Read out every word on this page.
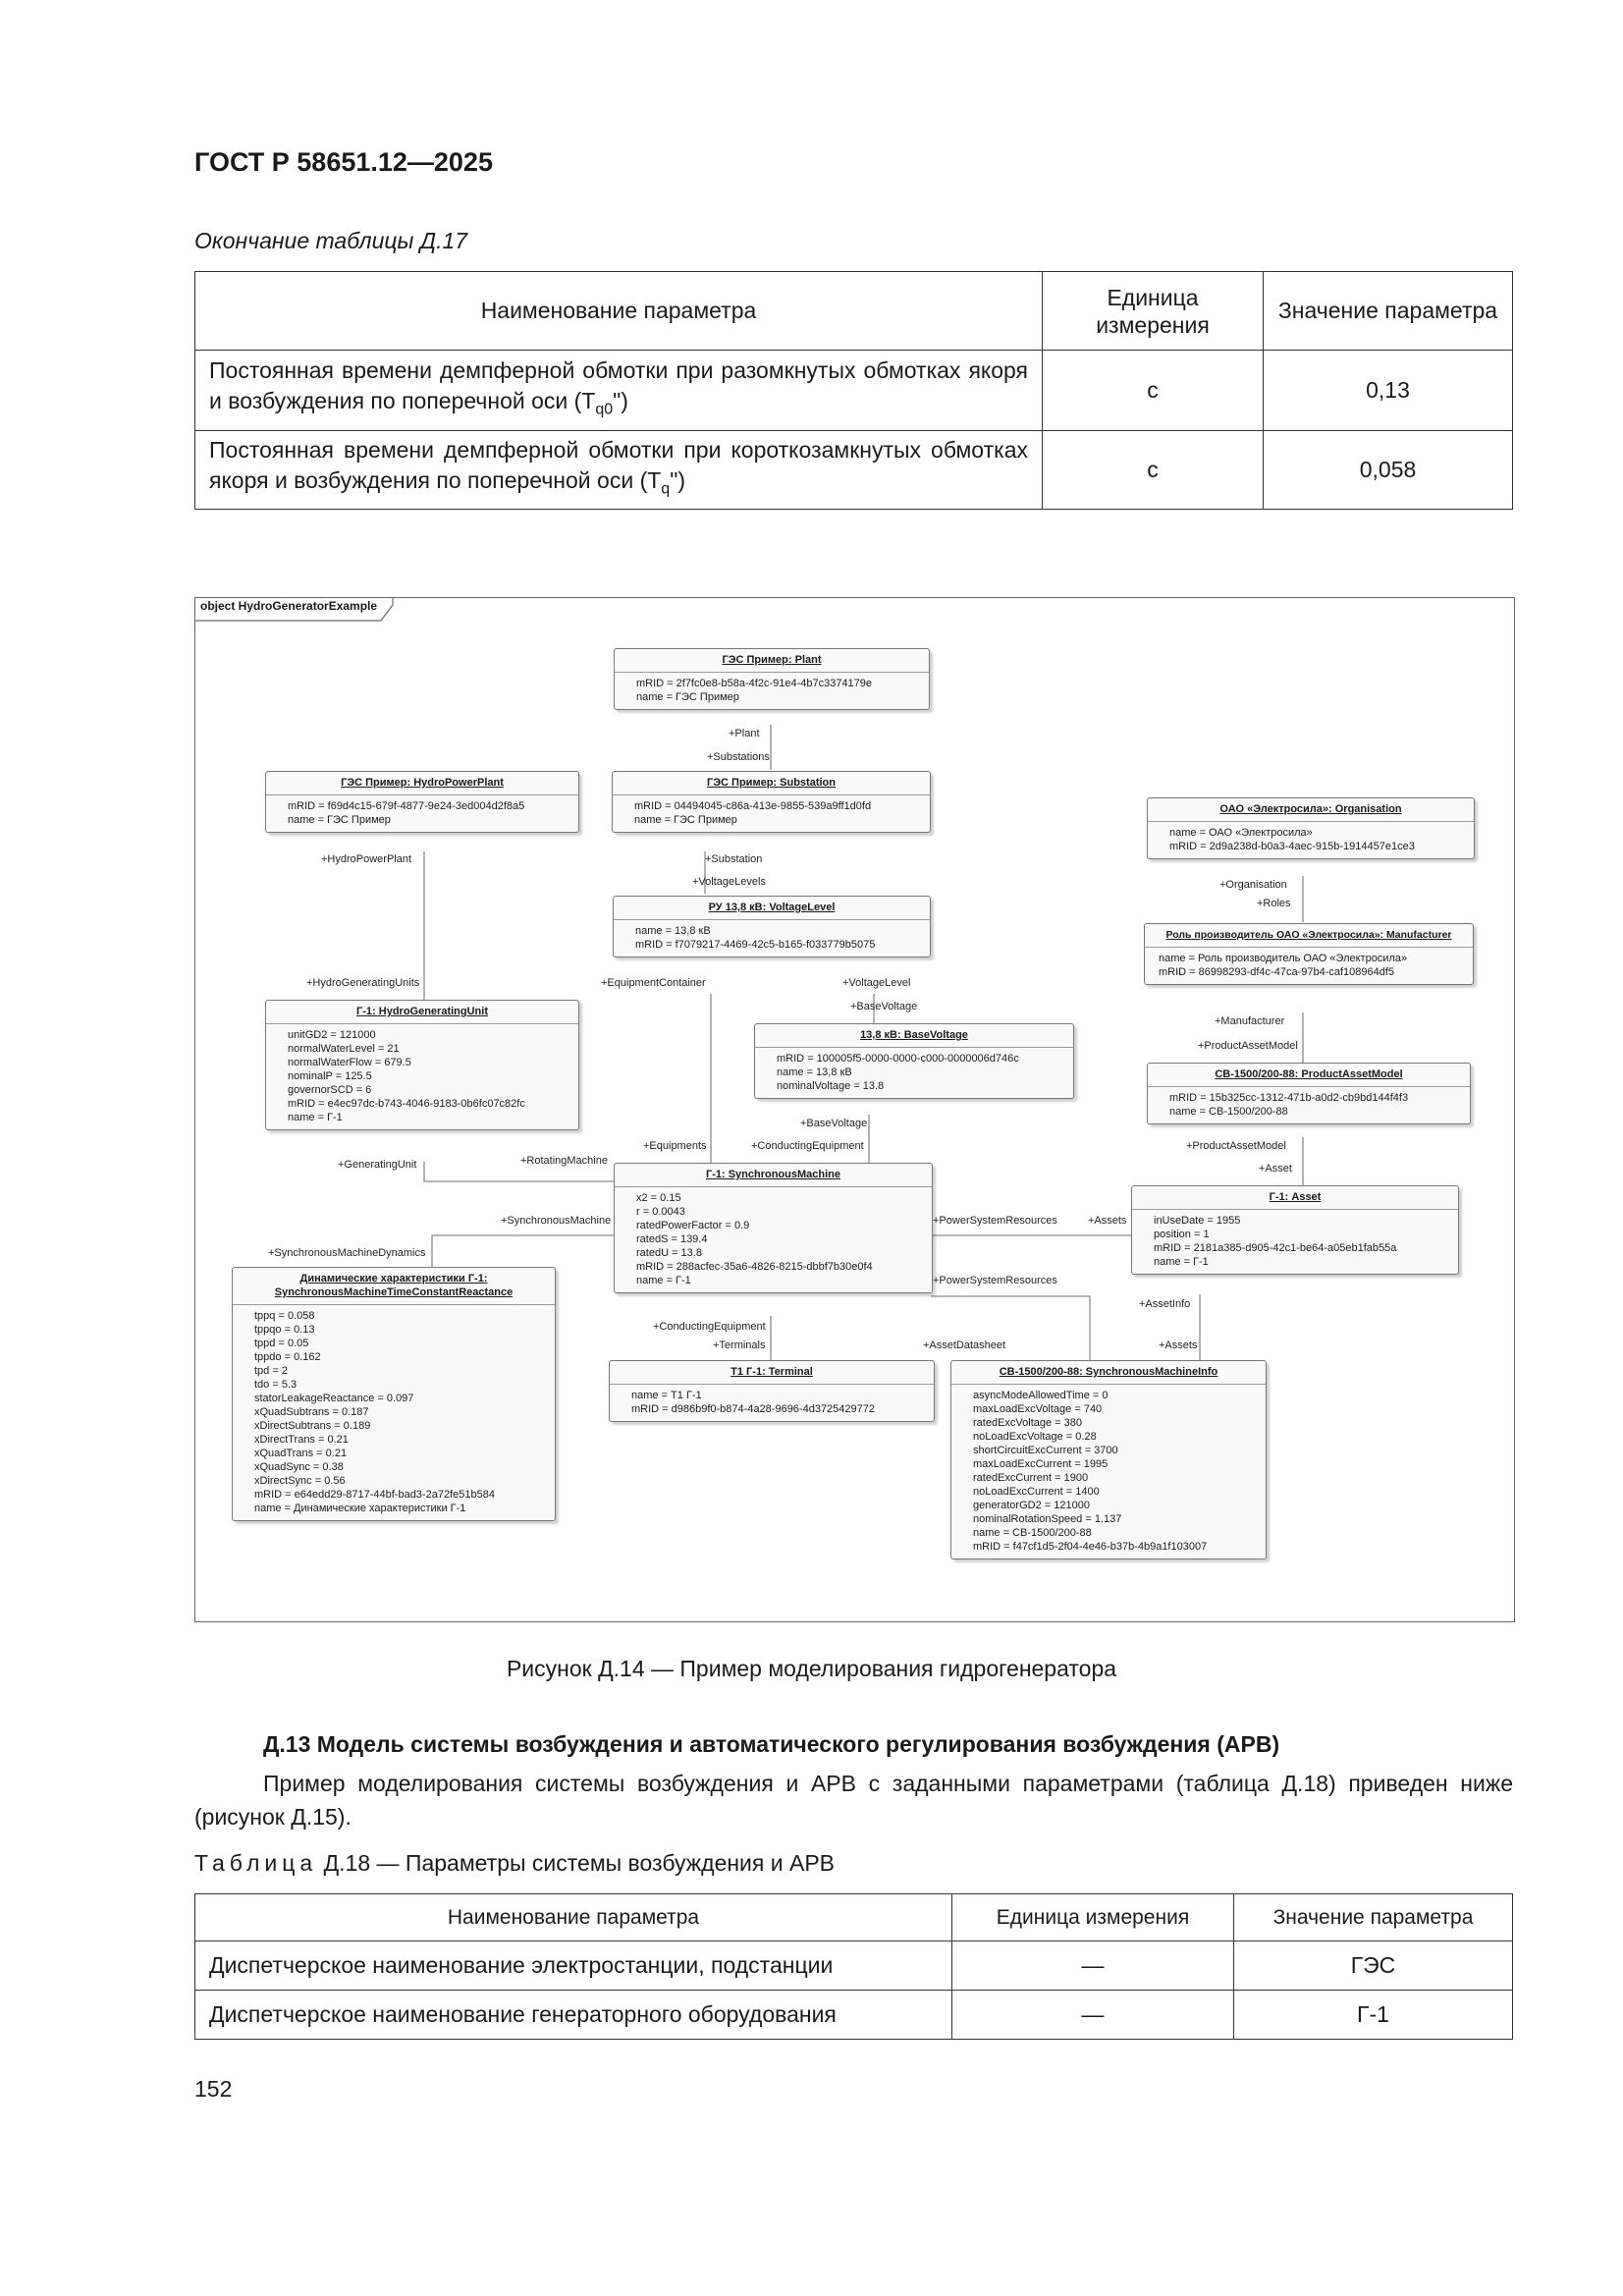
ГОСТ Р 58651.12—2025
Окончание таблицы Д.17
Наименование параметра	Единица измерения	Значение параметра
Постоянная времени демпферной обмотки при разомкнутых обмотках якоря и возбуждения по поперечной оси $(T_{q0}")$	с	0,13
Постоянная времени демпферной обмотки при короткозамкнутых обмотках якоря и возбуждения по поперечной оси $(T_q")$	с	0,058
object HydroGeneratorExample
ГЭС Пример: Plant
mRID = 2f7fc0e8-b58a-4f2c-91e4-4b7c3374179e
name = ГЭС Пример
ГЭС Пример: HydroPowerPlant
mRID = f69d4c15-679f-4877-9e24-3ed004d2f8a5
name = ГЭС Пример
ГЭС Пример: Substation
mRID = 04494045-c86a-413e-9855-539a9ff1d0fd
name = ГЭС Пример
ОАО «Электросила»: Organisation
name = ОАО «Электросила»
mRID = 2d9a238d-b0a3-4aec-915b-1914457e1ce3
РУ 13,8 кВ: VoltageLevel
name = 13,8 кВ
mRID = f7079217-4469-42c5-b165-f033779b5075
Роль производитель ОАО «Электросила»: Manufacturer
name = Роль производитель ОАО «Электросила»
mRID = 86998293-df4c-47ca-97b4-caf108964df5
Г-1: HydroGeneratingUnit
unitGD2 = 121000
normalWaterLevel = 21
normalWaterFlow = 679.5
nominalP = 125.5
governorSCD = 6
mRID = e4ec97dc-b743-4046-9183-0b6fc07c82fc
name = Г-1
13,8 кВ: BaseVoltage
mRID = 100005f5-0000-0000-c000-0000006d746c
name = 13,8 кВ
nominalVoltage = 13.8
СВ-1500/200-88: ProductAssetModel
mRID = 15b325cc-1312-471b-a0d2-cb9bd144f4f3
name = СВ-1500/200-88
Г-1: SynchronousMachine
x2 = 0.15
r = 0.0043
ratedPowerFactor = 0.9
ratedS = 139.4
ratedU = 13.8
mRID = 288acfec-35a6-4826-8215-dbbf7b30e0f4
name = Г-1
Г-1: Asset
inUseDate = 1955
position = 1
mRID = 2181a385-d905-42c1-be64-a05eb1fab55a
name = Г-1
Динамические характеристики Г-1:
SynchronousMachineTimeConstantReactance
tppq = 0.058
tppqo = 0.13
tppd = 0.05
tppdo = 0.162
tpd = 2
tdo = 5.3
statorLeakageReactance = 0.097
xQuadSubtrans = 0.187
xDirectSubtrans = 0.189
xDirectTrans = 0.21
xQuadTrans = 0.21
xQuadSync = 0.38
xDirectSync = 0.56
mRID = e64edd29-8717-44bf-bad3-2a72fe51b584
name = Динамические характеристики Г-1
Т1 Г-1: Terminal
name = Т1 Г-1
mRID = d986b9f0-b874-4a28-9696-4d3725429772
СВ-1500/200-88: SynchronousMachineInfo
asyncModeAllowedTime = 0
maxLoadExcVoltage = 740
ratedExcVoltage = 380
noLoadExcVoltage = 0.28
shortCircuitExcCurrent = 3700
maxLoadExcCurrent = 1995
ratedExcCurrent = 1900
noLoadExcCurrent = 1400
generatorGD2 = 121000
nominalRotationSpeed = 1.137
name = СВ-1500/200-88
mRID = f47cf1d5-2f04-4e46-b37b-4b9a1f103007
+Plant
+Substations
+HydroPowerPlant	+Substation
+VoltageLevels	+Organisation
+Roles
+HydroGeneratingUnits	+EquipmentContainer	+VoltageLevel
+BaseVoltage
+Manufacturer
+ProductAssetModel
+BaseVoltage
+ConductingEquipment	+ProductAssetModel
+Asset
+GeneratingUnit	+RotatingMachine
+Equipments
+SynchronousMachine	+PowerSystemResources	+Assets
+SynchronousMachineDynamics
+PowerSystemResources
+AssetInfo
+ConductingEquipment
+Terminals	+AssetDatasheet	+Assets
Рисунок Д.14 — Пример моделирования гидрогенератора
Д.13 Модель системы возбуждения и автоматического регулирования возбуждения (АРВ)
Пример моделирования системы возбуждения и АРВ с заданными параметрами (таблица Д.18) приведен ниже (рисунок Д.15).
Таблица Д.18 — Параметры системы возбуждения и АРВ
Наименование параметра	Единица измерения	Значение параметра
Диспетчерское наименование электростанции, подстанции	—	ГЭС
Диспетчерское наименование генераторного оборудования	—	Г-1
152
